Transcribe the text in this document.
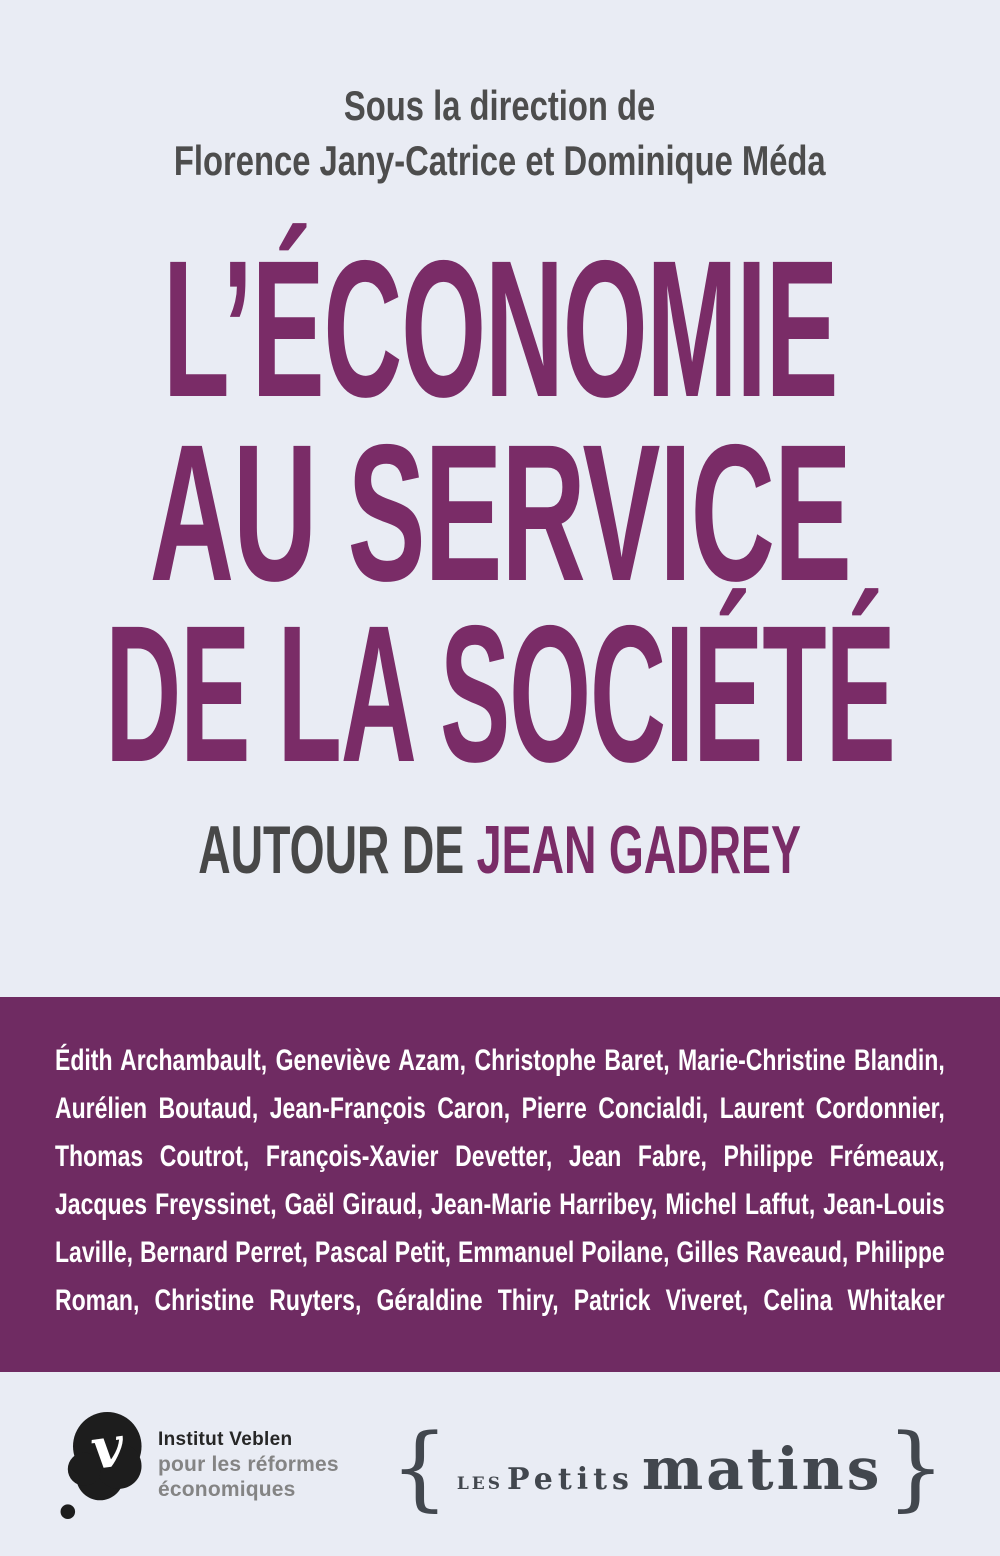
Sous la direction de
Florence Jany-Catrice et Dominique Méda
L’ÉCONOMIE
AU SERVICE
DE LA SOCIÉTÉ
AUTOUR DE JEAN GADREY
Édith Archambault, Geneviève Azam, Christophe Baret, Marie-Christine Blandin,
Aurélien Boutaud, Jean-François Caron, Pierre Concialdi, Laurent Cordonnier,
Thomas Coutrot, François-Xavier Devetter, Jean Fabre, Philippe Frémeaux,
Jacques Freyssinet, Gaël Giraud, Jean-Marie Harribey, Michel Laffut, Jean-Louis
Laville, Bernard Perret, Pascal Petit, Emmanuel Poilane, Gilles Raveaud, Philippe
Roman, Christine Ruyters, Géraldine Thiry, Patrick Viveret, Celina Whitaker
v Institut Veblen
pour les réformes
économiques	{ LES Petits matins }
